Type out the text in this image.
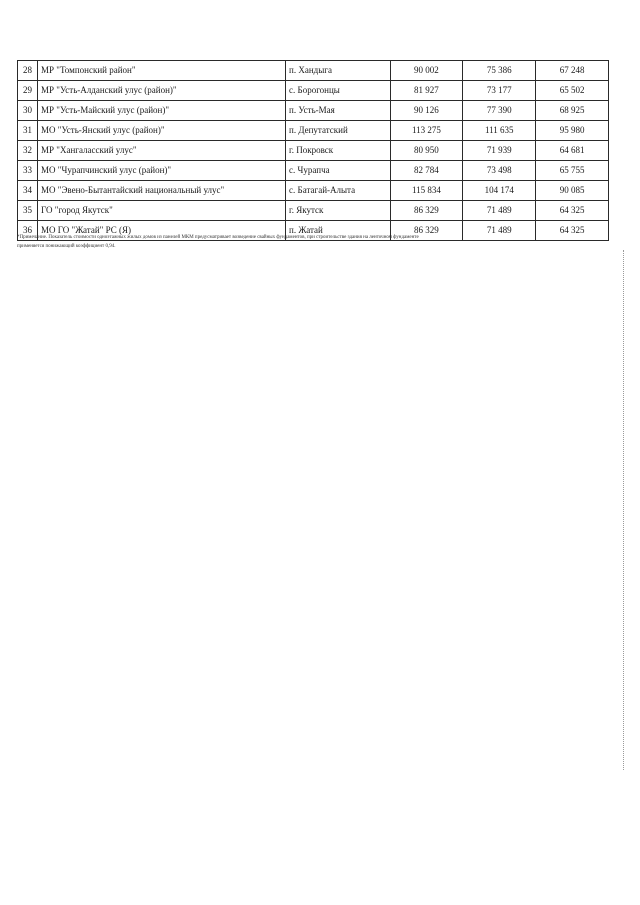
28	МР "Томпонский район"	п. Хандыга	90 002	75 386	67 248
29	МР "Усть-Алданский улус (район)"	с. Борогонцы	81 927	73 177	65 502
30	МР "Усть-Майский улус (район)"	п. Усть-Мая	90 126	77 390	68 925
31	МО "Усть-Янский улус (район)"	п. Депутатский	113 275	111 635	95 980
32	МР "Хангаласский улус"	г. Покровск	80 950	71 939	64 681
33	МО "Чурапчинский улус (район)"	с. Чурапча	82 784	73 498	65 755
34	МО "Эвено-Бытантайский национальный улус"	с. Батагай-Алыта	115 834	104 174	90 085
35	ГО "город Якутск"	г. Якутск	86 329	71 489	64 325
36	МО ГО "Жатай" РС (Я)	п. Жатай	86 329	71 489	64 325
*Примечание. Показатель стоимости одноэтажных жилых домов из панелей МКМ предусматривает возведение свайных фундаментов, при строительстве здания на ленточном фундаменте
применяется понижающий коэффициент 0,94.
